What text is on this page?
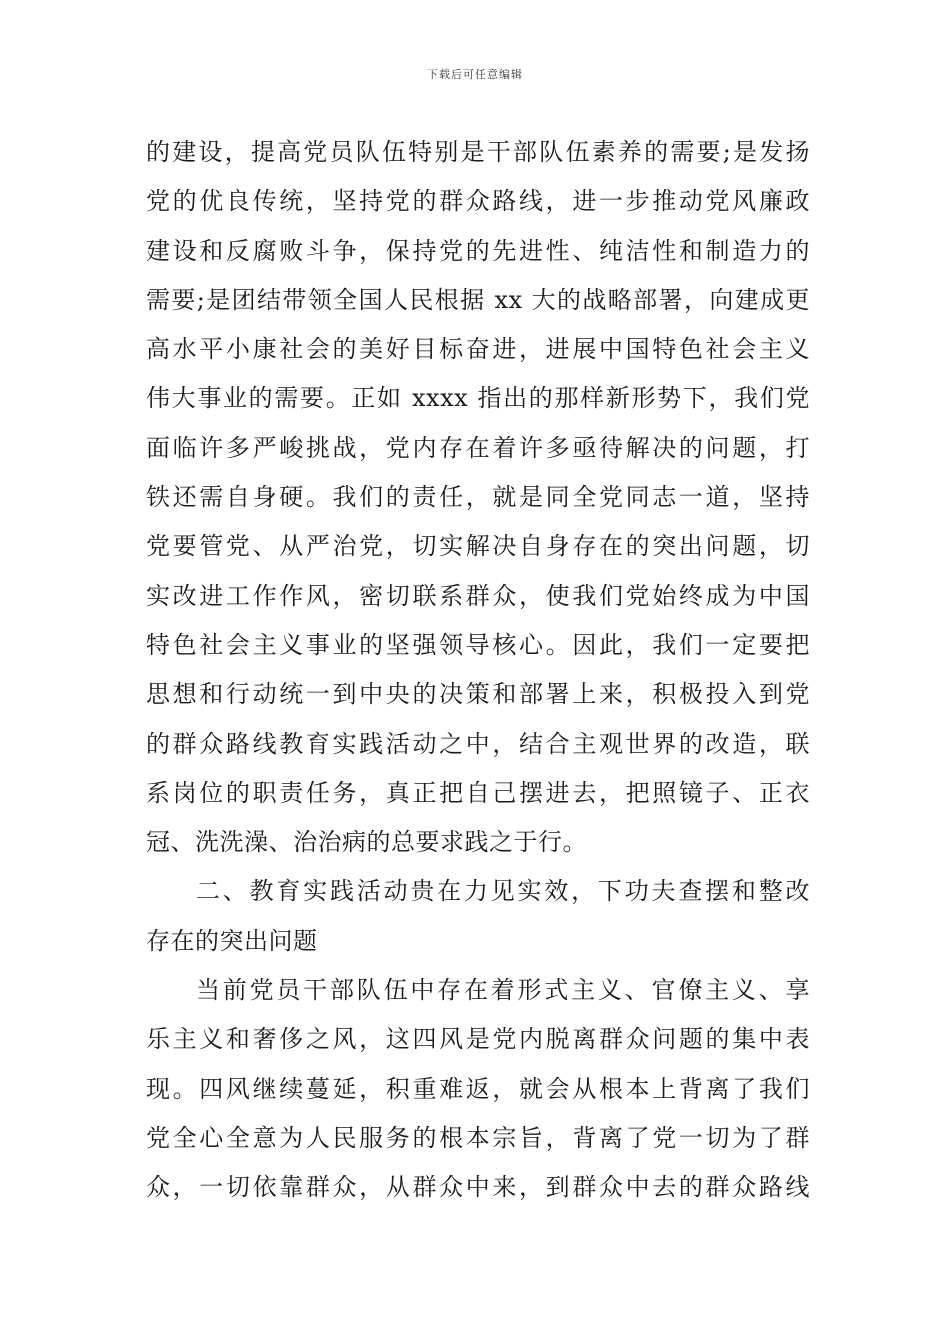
下载后可任意编辑
的建设，提高党员队伍特别是干部队伍素养的需要;是发扬
党的优良传统，坚持党的群众路线，进一步推动党风廉政
建设和反腐败斗争，保持党的先进性、纯洁性和制造力的
需要;是团结带领全国人民根据 xx 大的战略部署，向建成更
高水平小康社会的美好目标奋进，进展中国特色社会主义
伟大事业的需要。正如 xxxx 指出的那样新形势下，我们党
面临许多严峻挑战，党内存在着许多亟待解决的问题，打
铁还需自身硬。我们的责任，就是同全党同志一道，坚持
党要管党、从严治党，切实解决自身存在的突出问题，切
实改进工作作风，密切联系群众，使我们党始终成为中国
特色社会主义事业的坚强领导核心。因此，我们一定要把
思想和行动统一到中央的决策和部署上来，积极投入到党
的群众路线教育实践活动之中，结合主观世界的改造，联
系岗位的职责任务，真正把自己摆进去，把照镜子、正衣
冠、洗洗澡、治治病的总要求践之于行。
二、教育实践活动贵在力见实效，下功夫查摆和整改
存在的突出问题
当前党员干部队伍中存在着形式主义、官僚主义、享
乐主义和奢侈之风，这四风是党内脱离群众问题的集中表
现。四风继续蔓延，积重难返，就会从根本上背离了我们
党全心全意为人民服务的根本宗旨，背离了党一切为了群
众，一切依靠群众，从群众中来，到群众中去的群众路线
